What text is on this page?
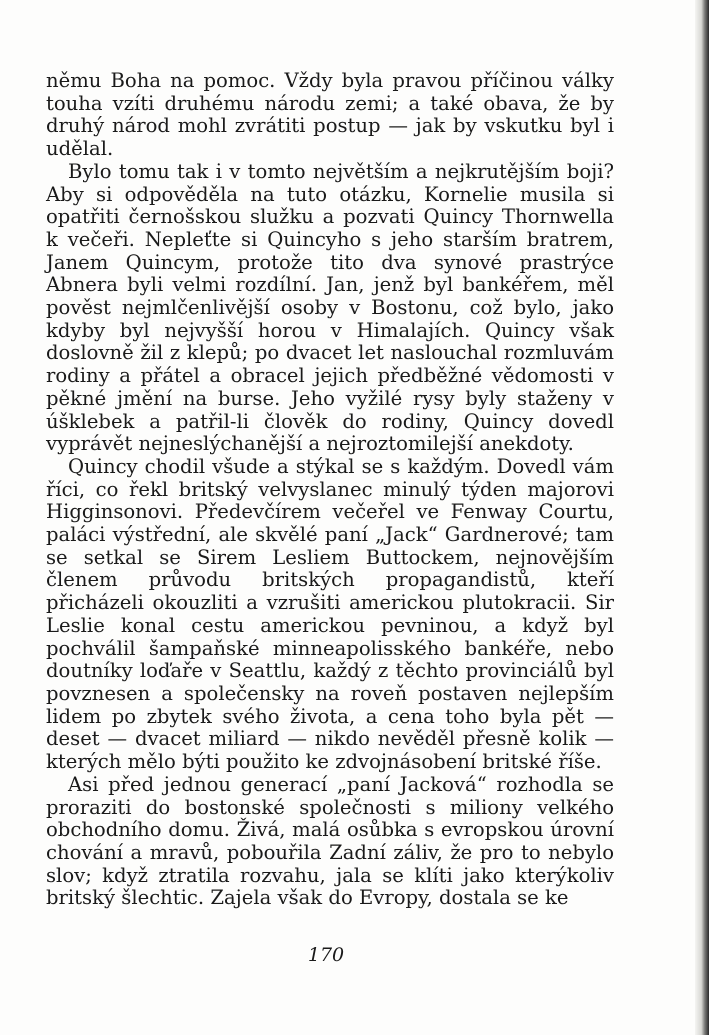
němu Boha na pomoc. Vždy byla pravou příčinou války touha vzíti druhému národu zemi; a také obava, že by druhý národ mohl zvrátiti postup — jak by vskutku byl i udělal.

Bylo tomu tak i v tomto největším a nejkrutějším boji? Aby si odpověděla na tuto otázku, Kornelie musila si opatřiti černošskou služku a pozvati Quincy Thornwella k večeři. Nepleťte si Quincyho s jeho starším bratrem, Janem Quincym, protože tito dva synové prastrýce Abnera byli velmi rozdílní. Jan, jenž byl bankéřem, měl pověst nejmlčenlivější osoby v Bostonu, což bylo, jako kdyby byl nejvyšší horou v Himalajích. Quincy však doslovně žil z klepů; po dvacet let naslouchal rozmluvám rodiny a přátel a obracel jejich předběžné vědomosti v pěkné jmění na burse. Jeho vyžilé rysy byly staženy v úšklebek a patřil-li člověk do rodiny, Quincy dovedl vyprávět nejneslýchanější a nejroztomilejší anekdoty.

Quincy chodil všude a stýkal se s každým. Dovedl vám říci, co řekl britský velvyslanec minulý týden majorovi Higginsonovi. Předevčírem večeřel ve Fenway Courtu, paláci výstřední, ale skvělé paní „Jack“ Gardnerové; tam se setkal se Sirem Lesliem Buttockem, nejnovějším členem průvodu britských propagandistů, kteří přicházeli okouzliti a vzrušiti americkou plutokracii. Sir Leslie konal cestu americkou pevninou, a když byl pochválil šampaňské minneapolisského bankéře, nebo doutníky loďaře v Seattlu, každý z těchto provinciálů byl povznesen a společensky na roveň postaven nejlepším lidem po zbytek svého života, a cena toho byla pět — deset — dvacet miliard — nikdo nevěděl přesně kolik — kterých mělo býti použito ke zdvojnásobení britské říše.

Asi před jednou generací „paní Jacková“ rozhodla se proraziti do bostonské společnosti s miliony velkého obchodního domu. Živá, malá osůbka s evropskou úrovní chování a mravů, pobouřila Zadní záliv, že pro to nebylo slov; když ztratila rozvahu, jala se klíti jako kterýkoliv britský šlechtic. Zajela však do Evropy, dostala se ke

170
